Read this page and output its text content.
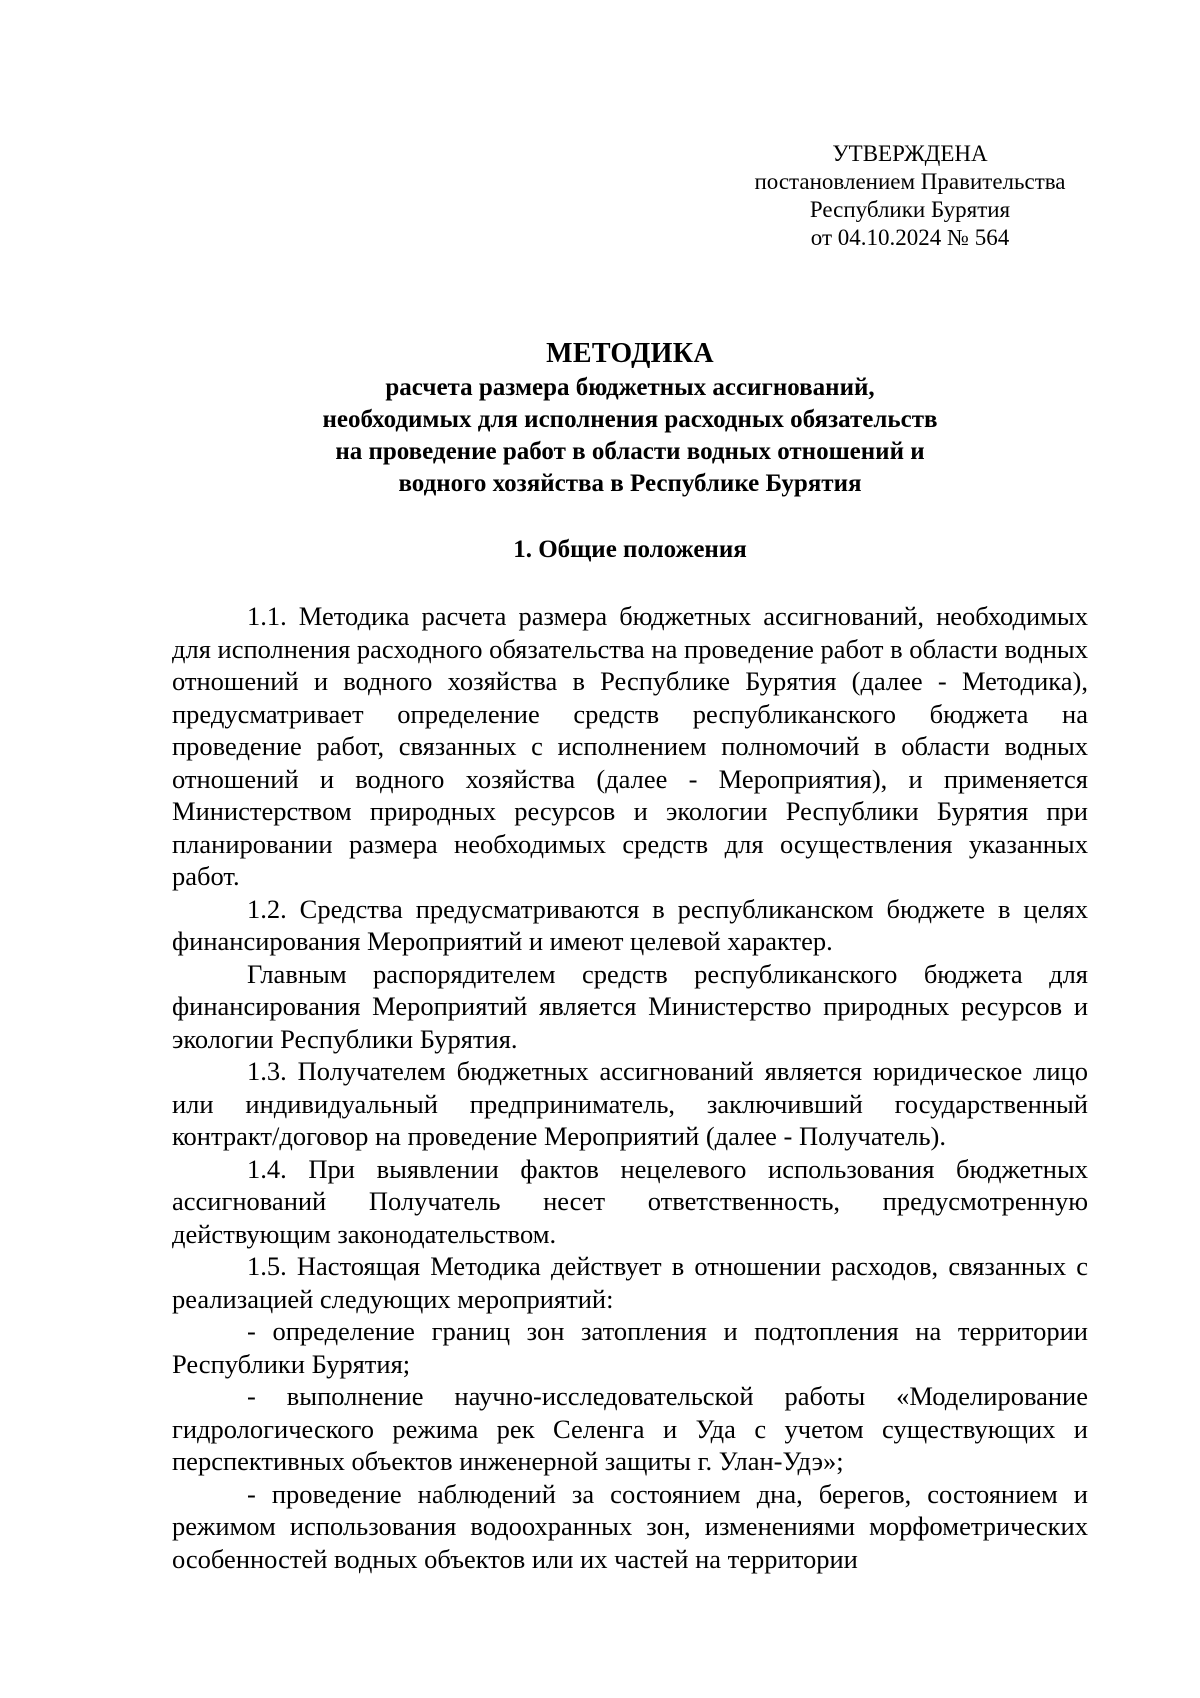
УТВЕРЖДЕНА
постановлением Правительства
Республики Бурятия
от 04.10.2024 № 564
МЕТОДИКА
расчета размера бюджетных ассигнований,
необходимых для исполнения расходных обязательств
на проведение работ в области водных отношений и
водного хозяйства в Республике Бурятия
1. Общие положения

1.1. Методика расчета размера бюджетных ассигнований, необходимых для исполнения расходного обязательства на проведение работ в области водных отношений и водного хозяйства в Республике Бурятия (далее - Методика), предусматривает определение средств республиканского бюджета на проведение работ, связанных с исполнением полномочий в области водных отношений и водного хозяйства (далее - Мероприятия), и применяется Министерством природных ресурсов и экологии Республики Бурятия при планировании размера необходимых средств для осуществления указанных работ.

1.2. Средства предусматриваются в республиканском бюджете в целях финансирования Мероприятий и имеют целевой характер.

Главным распорядителем средств республиканского бюджета для финансирования Мероприятий является Министерство природных ресурсов и экологии Республики Бурятия.

1.3. Получателем бюджетных ассигнований является юридическое лицо или индивидуальный предприниматель, заключивший государственный контракт/договор на проведение Мероприятий (далее - Получатель).

1.4. При выявлении фактов нецелевого использования бюджетных ассигнований Получатель несет ответственность, предусмотренную действующим законодательством.

1.5. Настоящая Методика действует в отношении расходов, связанных с реализацией следующих мероприятий:

- определение границ зон затопления и подтопления на территории Республики Бурятия;

- выполнение научно-исследовательской работы «Моделирование гидрологического режима рек Селенга и Уда с учетом существующих и перспективных объектов инженерной защиты г. Улан-Удэ»;

- проведение наблюдений за состоянием дна, берегов, состоянием и режимом использования водоохранных зон, изменениями морфометрических особенностей водных объектов или их частей на территории
